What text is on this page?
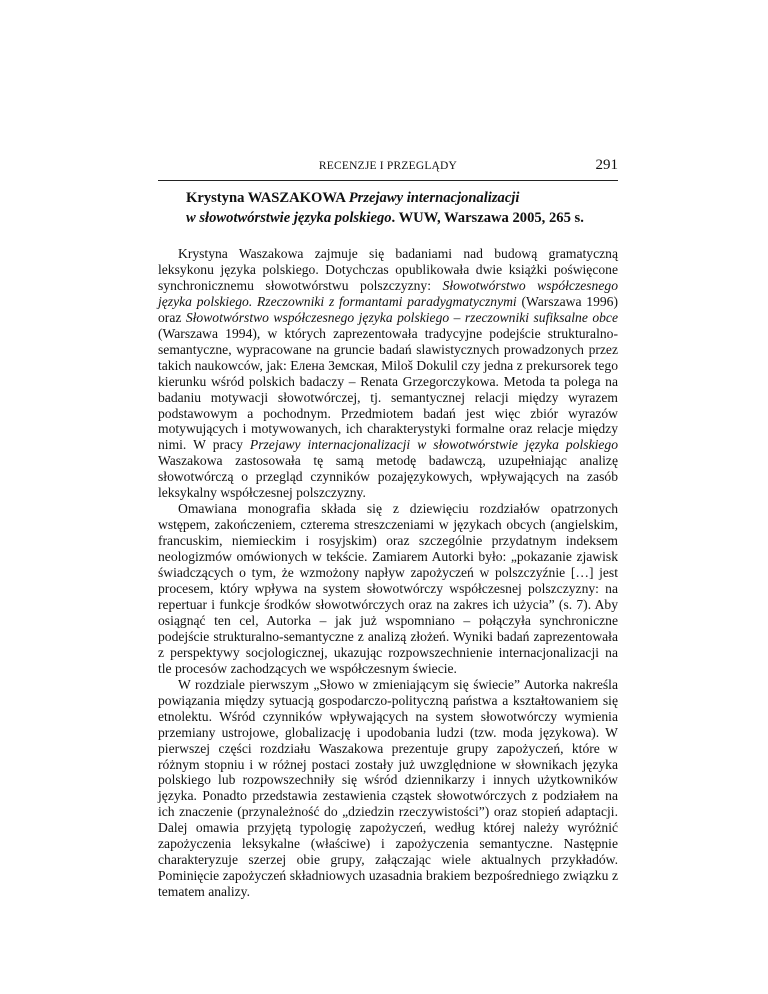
RECENZJE I PRZEGLĄDY	291
Krystyna WASZAKOWA Przejawy internacjonalizacji
w słowotwórstwie języka polskiego. WUW, Warszawa 2005, 265 s.

Krystyna Waszakowa zajmuje się badaniami nad budową gramatyczną leksykonu języka polskiego. Dotychczas opublikowała dwie książki poświęcone synchronicznemu słowotwórstwu polszczyzny: Słowotwórstwo współczesnego języka polskiego. Rzeczowniki z formantami paradygmatycznymi (Warszawa 1996) oraz Słowotwórstwo współczesnego języka polskiego – rzeczowniki sufiksalne obce (Warszawa 1994), w których zaprezentowała tradycyjne podejście strukturalno-semantyczne, wypracowane na gruncie badań slawistycznych prowadzonych przez takich naukowców, jak: Елена Земская, Miloš Dokulil czy jedna z prekursorek tego kierunku wśród polskich badaczy – Renata Grzegorczykowa. Metoda ta polega na badaniu motywacji słowotwórczej, tj. semantycznej relacji między wyrazem podstawowym a pochodnym. Przedmiotem badań jest więc zbiór wyrazów motywujących i motywowanych, ich charakterystyki formalne oraz relacje między nimi. W pracy Przejawy internacjonalizacji w słowotwórstwie języka polskiego Waszakowa zastosowała tę samą metodę badawczą, uzupełniając analizę słowotwórczą o przegląd czynników pozajęzykowych, wpływających na zasób leksykalny współczesnej polszczyzny.

Omawiana monografia składa się z dziewięciu rozdziałów opatrzonych wstępem, zakończeniem, czterema streszczeniami w językach obcych (angielskim, francuskim, niemieckim i rosyjskim) oraz szczególnie przydatnym indeksem neologizmów omówionych w tekście. Zamiarem Autorki było: „pokazanie zjawisk świadczących o tym, że wzmożony napływ zapożyczeń w polszczyźnie […] jest procesem, który wpływa na system słowotwórczy współczesnej polszczyzny: na repertuar i funkcje środków słowotwórczych oraz na zakres ich użycia” (s. 7). Aby osiągnąć ten cel, Autorka – jak już wspomniano – połączyła synchroniczne podejście strukturalno-semantyczne z analizą złożeń. Wyniki badań zaprezentowała z perspektywy socjologicznej, ukazując rozpowszechnienie internacjonalizacji na tle procesów zachodzących we współczesnym świecie.

W rozdziale pierwszym „Słowo w zmieniającym się świecie” Autorka nakreśla powiązania między sytuacją gospodarczo-polityczną państwa a kształtowaniem się etnolektu. Wśród czynników wpływających na system słowotwórczy wymienia przemiany ustrojowe, globalizację i upodobania ludzi (tzw. moda językowa). W pierwszej części rozdziału Waszakowa prezentuje grupy zapożyczeń, które w różnym stopniu i w różnej postaci zostały już uwzględnione w słownikach języka polskiego lub rozpowszechniły się wśród dziennikarzy i innych użytkowników języka. Ponadto przedstawia zestawienia cząstek słowotwórczych z podziałem na ich znaczenie (przynależność do „dziedzin rzeczywistości”) oraz stopień adaptacji. Dalej omawia przyjętą typologię zapożyczeń, według której należy wyróżnić zapożyczenia leksykalne (właściwe) i zapożyczenia semantyczne. Następnie charakteryzuje szerzej obie grupy, załączając wiele aktualnych przykładów. Pominięcie zapożyczeń składniowych uzasadnia brakiem bezpośredniego związku z tematem analizy.
